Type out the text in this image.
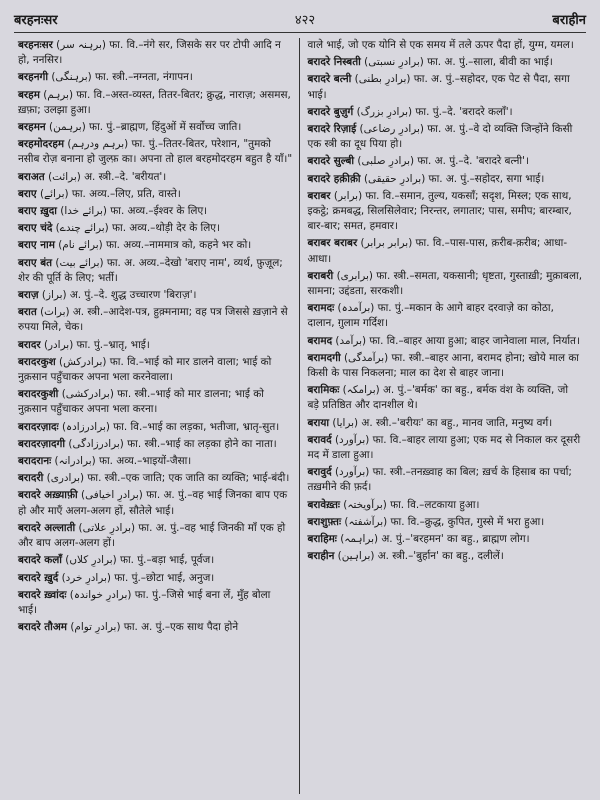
बरहनःसर	४२२	बराहीन

बरहनःसर (برہنہ سر) फा. वि.–नंगे सर, जिसके सर पर टोपी आदि न हो, ननसिर।

बरहनगी (برہنگی) फा. स्त्री.–नग्नता, नंगापन।

बरहम (برہم) फा. वि.–अस्त-व्यस्त, तितर-बितर; क्रुद्ध, नाराज़; असमस, ख़फ़ा; उलझा हुआ।

बरहमन (برہمن) फा. पुं.–ब्राह्मण, हिंदुओं में सर्वोच्च जाति।

बरहमोदरहम (برہم ودرہم) फा. पुं.–तितर-बितर, परेशान, "तुमको नसीब रोज़ बनाना हो जुल्फ़ का। अपना तो हाल बरहमोदरहम बहुत है याँ।"

बराअत (برائت) अ. स्त्री.–दे. 'बरीयत'।

बराए (برائے) फा. अव्य.–लिए, प्रति, वास्ते।

बराए ख़ुदा (برائے خدا) फा. अव्य.–ईश्वर के लिए।

बराए चंदे (برائے چندے) फा. अव्य.–थोड़ी देर के लिए।

बराए नाम (برائے نام) फा. अव्य.–नाममात्र को, कहने भर को।

बराए बंत (برائے بیت) फा. अ. अव्य.–देखो 'बराए नाम', व्यर्थ, फ़ुज़ूल; शेर की पूर्ति के लिए; भर्ती।

बराज़ (براز) अ. पुं.–दे. शुद्ध उच्चारण 'बिराज़'।

बरात (برات) अ. स्त्री.–आदेश-पत्र, हुक़्मनामा; वह पत्र जिससे ख़ज़ाने से रुपया मिले, चेक।

बरादर (برادر) फा. पुं.–भ्रातृ, भाई।

बरादरकुश (برادرکش) फा. वि.–भाई को मार डालने वाला; भाई को नुक़सान पहुँचाकर अपना भला करनेवाला।

बरादरकुशी (برادرکشی) फा. स्त्री.–भाई को मार डालना; भाई को नुक़सान पहुँचाकर अपना भला करना।

बरादरज़ादः (برادرزادہ) फा. वि.–भाई का लड़का, भतीजा, भ्रातृ-सुत।

बरादरज़ादगी (برادرزادگی) फा. स्त्री.–भाई का लड़का होने का नाता।

बरादरानः (برادرانہ) फा. अव्य.–भाइयों-जैसा।

बरादरी (برادری) फा. स्त्री.–एक जाति; एक जाति का व्यक्ति; भाई-बंदी।

बरादरे अख़्याफ़ी (برادرِ اخیافی) फा. अ. पुं.–वह भाई जिनका बाप एक हो और माएँ अलग-अलग हों, सौतेले भाई।

बरादरे अल्लाती (برادرِ علاتی) फा. अ. पुं.–वह भाई जिनकी माँ एक हो और बाप अलग-अलग हों।

बरादरे कलाँ (برادرِ کلاں) फा. पुं.–बड़ा भाई, पूर्वज।

बरादरे ख़ुर्द (برادرِ خرد) फा. पुं.–छोटा भाई, अनुज।

बरादरे ख़्वांदः (برادرِ خواندہ) फा. पुं.–जिसे भाई बना लें, मुँह बोला भाई।

बरादरे तौअम (برادرِ توام) फा. अ. पुं.–एक साथ पैदा होने

वाले भाई, जो एक योनि से एक समय में तले ऊपर पैदा हों, युग्म, यमल।

बरादरे निस्बती (برادرِ نسبتی) फा. अ. पुं.–साला, बीवी का भाई।

बरादरे बत्नी (برادرِ بطنی) फा. अ. पुं.–सहोदर, एक पेट से पैदा, सगा भाई।

बरादरे बुज़ुर्ग (برادرِ بزرگ) फा. पुं.–दे. 'बरादरे कलाँ'।

बरादरे रिज़ाई (برادرِ رضاعی) फा. अ. पुं.–वे दो व्यक्ति जिन्होंने किसी एक स्त्री का दूध पिया हो।

बरादरे सुल्बी (برادرِ صلبی) फा. अ. पुं.–दे. 'बरादरे बत्नी'।

बरादरे हक़ीक़ी (برادرِ حقیقی) फा. अ. पुं.–सहोदर, सगा भाई।

बराबर (برابر) फा. वि.–समान, तुल्य, यकसाँ; सदृश, मिस्ल; एक साथ, इकट्ठे; क्रमबद्ध, सिलसिलेवार; निरन्तर, लगातार; पास, समीप; बारम्बार, बार-बार; समत, हमवार।

बराबर बराबर (برابر برابر) फा. वि.–पास-पास, क़रीब-क़रीब; आधा-आधा।

बराबरी (برابری) फा. स्त्री.–समता, यकसानी; धृष्टता, गुस्ताख़ी; मुक़ाबला, सामना; उद्दंडता, सरकशी।

बरामदः (برآمدہ) फा. पुं.–मकान के आगे बाहर दरवाज़े का कोठा, दालान, ग़ुलाम गर्दिश।

बरामद (برآمد) फा. वि.–बाहर आया हुआ; बाहर जानेवाला माल, निर्यात।

बरामदगी (برآمدگی) फा. स्त्री.–बाहर आना, बरामद होना; खोये माल का किसी के पास निकलना; माल का देश से बाहर जाना।

बरामिकः (برامکہ) अ. पुं.–'बर्मक' का बहु., बर्मक वंश के व्यक्ति, जो बड़े प्रतिष्ठित और दानशील थे।

बराया (برایا) अ. स्त्री.–'बरीयः' का बहु., मानव जाति, मनुष्य वर्ग।

बरावर्द (برآورد) फा. वि.–बाहर लाया हुआ; एक मद से निकाल कर दूसरी मद में डाला हुआ।

बरावुर्द (برآورد) फा. स्त्री.–तनख़्वाह का बिल; ख़र्च के हिसाब का पर्चा; तख़मीने की फ़र्द।

बरावेख़्तः (برآویختہ) फा. वि.–लटकाया हुआ।

बराशुफ़्तः (برآشفتہ) फा. वि.–क्रुद्ध, कुपित, गुस्से में भरा हुआ।

बराहिमः (براہمہ) अ. पुं.–'बरहमन' का बहु., ब्राह्मण लोग।

बराहीन (براہین) अ. स्त्री.–'बुर्हान' का बहु., दलीलें।
